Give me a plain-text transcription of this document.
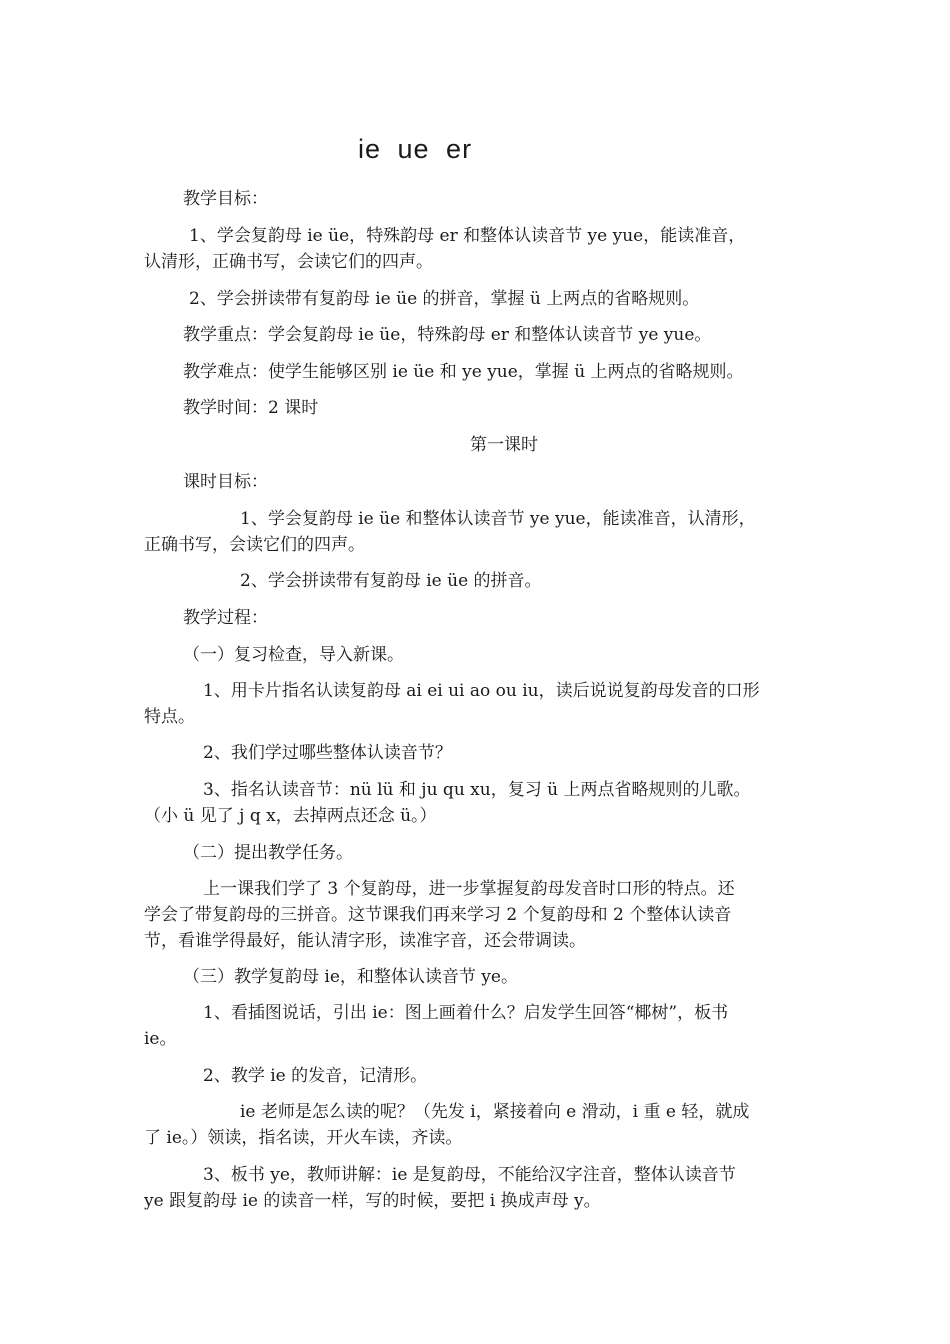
ie ue er
教学目标：
1、学会复韵母 ie üe，特殊韵母 er 和整体认读音节 ye yue，能读准音，
认清形，正确书写，会读它们的四声。
2、学会拼读带有复韵母 ie üe 的拼音，掌握 ü 上两点的省略规则。
教学重点：学会复韵母 ie üe，特殊韵母 er 和整体认读音节 ye yue。
教学难点：使学生能够区别 ie üe 和 ye yue，掌握 ü 上两点的省略规则。
教学时间：2 课时
第一课时
课时目标：
1、学会复韵母 ie üe 和整体认读音节 ye yue，能读准音，认清形，
正确书写，会读它们的四声。
2、学会拼读带有复韵母 ie üe 的拼音。
教学过程：
（一）复习检查，导入新课。
1、用卡片指名认读复韵母 ai ei ui ao ou iu，读后说说复韵母发音的口形
特点。
2、我们学过哪些整体认读音节？
3、指名认读音节：nü lü 和 ju qu xu，复习 ü 上两点省略规则的儿歌。
（小 ü 见了 j q x，去掉两点还念 ü。）
（二）提出教学任务。
上一课我们学了 3 个复韵母，进一步掌握复韵母发音时口形的特点。还
学会了带复韵母的三拼音。这节课我们再来学习 2 个复韵母和 2 个整体认读音
节，看谁学得最好，能认清字形，读准字音，还会带调读。
（三）教学复韵母 ie，和整体认读音节 ye。
1、看插图说话，引出 ie：图上画着什么？启发学生回答“椰树”，板书
ie。
2、教学 ie 的发音，记清形。
ie 老师是怎么读的呢？（先发 i，紧接着向 e 滑动，i 重 e 轻，就成
了 ie。）领读，指名读，开火车读，齐读。
3、板书 ye，教师讲解：ie 是复韵母，不能给汉字注音，整体认读音节
ye 跟复韵母 ie 的读音一样，写的时候，要把 i 换成声母 y。
